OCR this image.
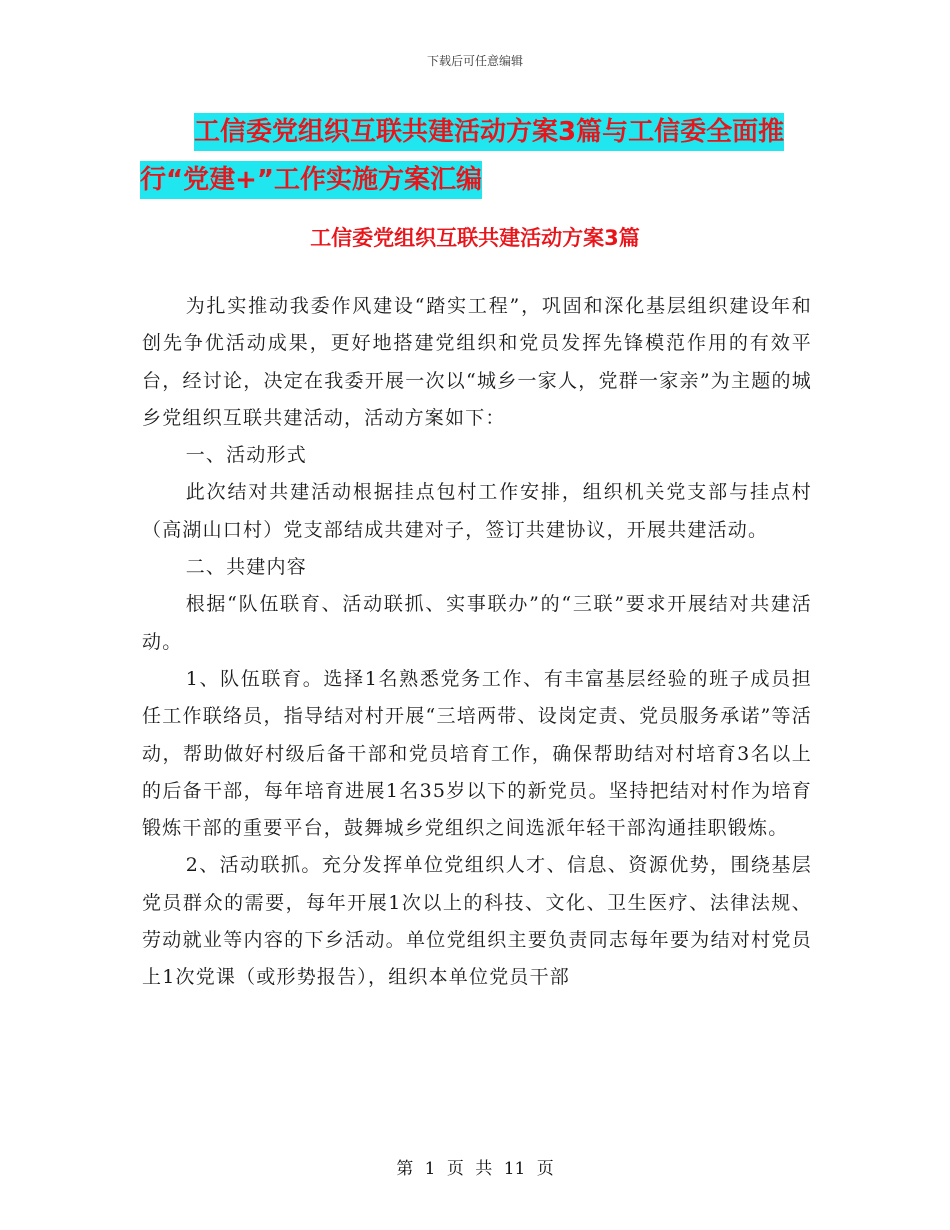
下载后可任意编辑
工信委党组织互联共建活动方案3篇与工信委全面推
行“党建+”工作实施方案汇编
工信委党组织互联共建活动方案3篇

为扎实推动我委作风建设“踏实工程”，巩固和深化基层组织建设年和创先争优活动成果，更好地搭建党组织和党员发挥先锋模范作用的有效平台，经讨论，决定在我委开展一次以“城乡一家人，党群一家亲”为主题的城乡党组织互联共建活动，活动方案如下：

一、活动形式

此次结对共建活动根据挂点包村工作安排，组织机关党支部与挂点村（高湖山口村）党支部结成共建对子，签订共建协议，开展共建活动。

二、共建内容

根据“队伍联育、活动联抓、实事联办”的“三联”要求开展结对共建活动。

1、队伍联育。选择1名熟悉党务工作、有丰富基层经验的班子成员担任工作联络员，指导结对村开展“三培两带、设岗定责、党员服务承诺”等活动，帮助做好村级后备干部和党员培育工作，确保帮助结对村培育3名以上的后备干部，每年培育进展1名35岁以下的新党员。坚持把结对村作为培育锻炼干部的重要平台，鼓舞城乡党组织之间选派年轻干部沟通挂职锻炼。

2、活动联抓。充分发挥单位党组织人才、信息、资源优势，围绕基层党员群众的需要，每年开展1次以上的科技、文化、卫生医疗、法律法规、劳动就业等内容的下乡活动。单位党组织主要负责同志每年要为结对村党员上1次党课（或形势报告），组织本单位党员干部

第 1 页 共 11 页
